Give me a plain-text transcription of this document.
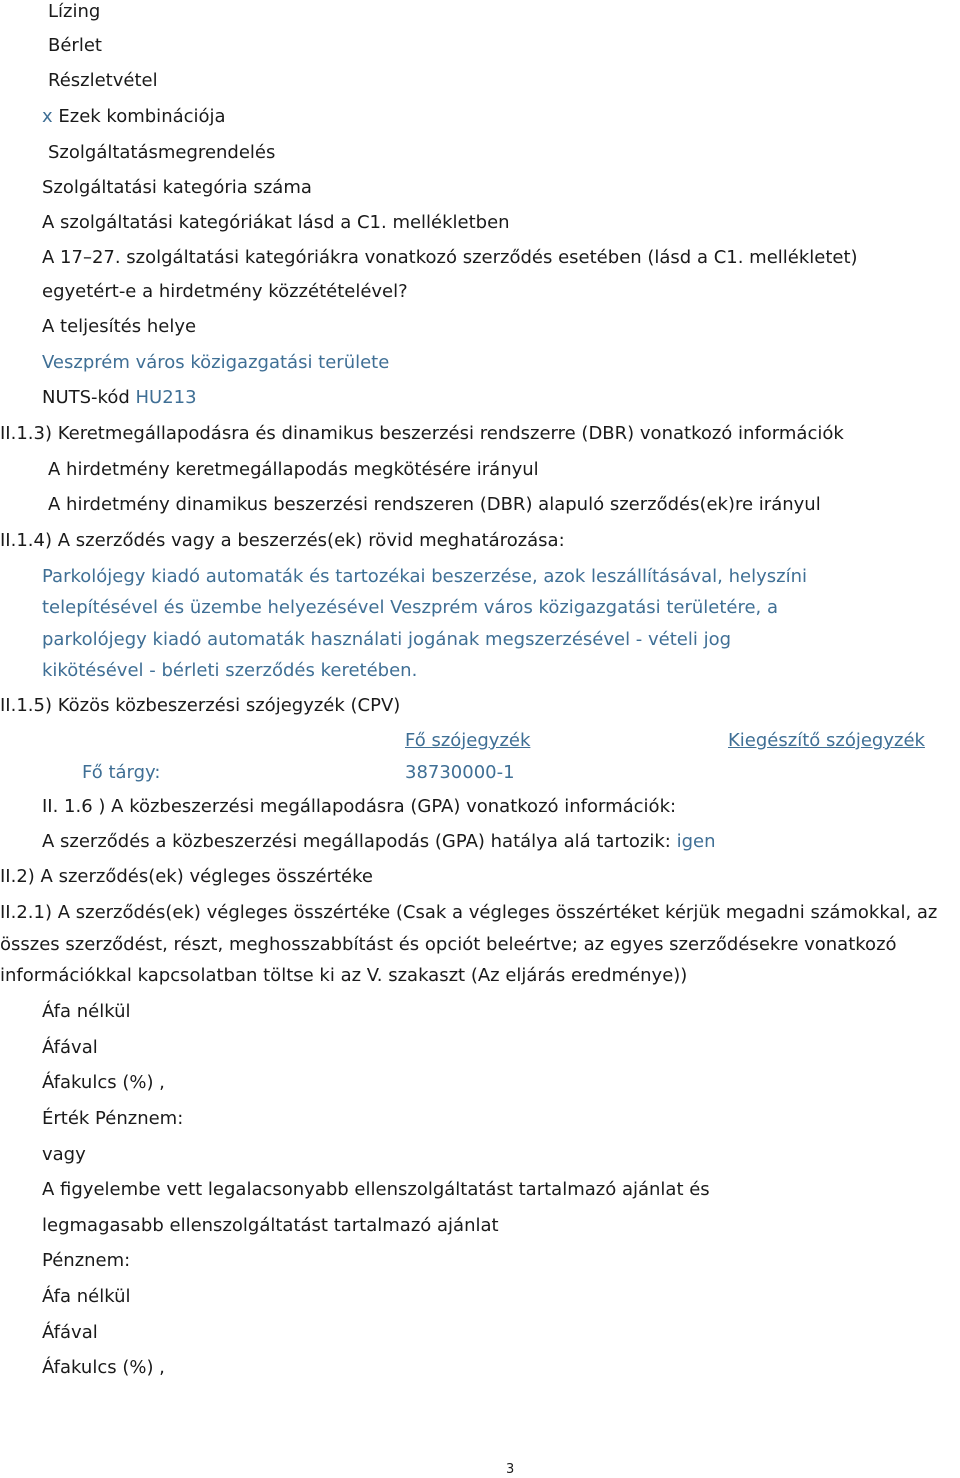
Lízing
Bérlet
Részletvétel
x Ezek kombinációja
Szolgáltatásmegrendelés
Szolgáltatási kategória száma
A szolgáltatási kategóriákat lásd a C1. mellékletben
A 17–27. szolgáltatási kategóriákra vonatkozó szerződés esetében (lásd a C1. mellékletet)
egyetért-e a hirdetmény közzétételével?
A teljesítés helye
Veszprém város közigazgatási területe
NUTS-kód HU213
II.1.3) Keretmegállapodásra és dinamikus beszerzési rendszerre (DBR) vonatkozó információk
A hirdetmény keretmegállapodás megkötésére irányul
A hirdetmény dinamikus beszerzési rendszeren (DBR) alapuló szerződés(ek)re irányul
II.1.4) A szerződés vagy a beszerzés(ek) rövid meghatározása:
Parkolójegy kiadó automaták és tartozékai beszerzése, azok leszállításával, helyszíni
telepítésével és üzembe helyezésével Veszprém város közigazgatási területére, a
parkolójegy kiadó automaták használati jogának megszerzésével - vételi jog
kikötésével - bérleti szerződés keretében.
II.1.5) Közös közbeszerzési szójegyzék (CPV)
Fő szójegyzék	Kiegészítő szójegyzék
Fő tárgy:	38730000-1
II. 1.6 ) A közbeszerzési megállapodásra (GPA) vonatkozó információk:
A szerződés a közbeszerzési megállapodás (GPA) hatálya alá tartozik: igen
II.2) A szerződés(ek) végleges összértéke
II.2.1) A szerződés(ek) végleges összértéke (Csak a végleges összértéket kérjük megadni számokkal, az
összes szerződést, részt, meghosszabbítást és opciót beleértve; az egyes szerződésekre vonatkozó
információkkal kapcsolatban töltse ki az V. szakaszt (Az eljárás eredménye))
Áfa nélkül
Áfával
Áfakulcs (%) ,
Érték Pénznem:
vagy
A figyelembe vett legalacsonyabb ellenszolgáltatást tartalmazó ajánlat és
legmagasabb ellenszolgáltatást tartalmazó ajánlat
Pénznem:
Áfa nélkül
Áfával
Áfakulcs (%) ,
3
